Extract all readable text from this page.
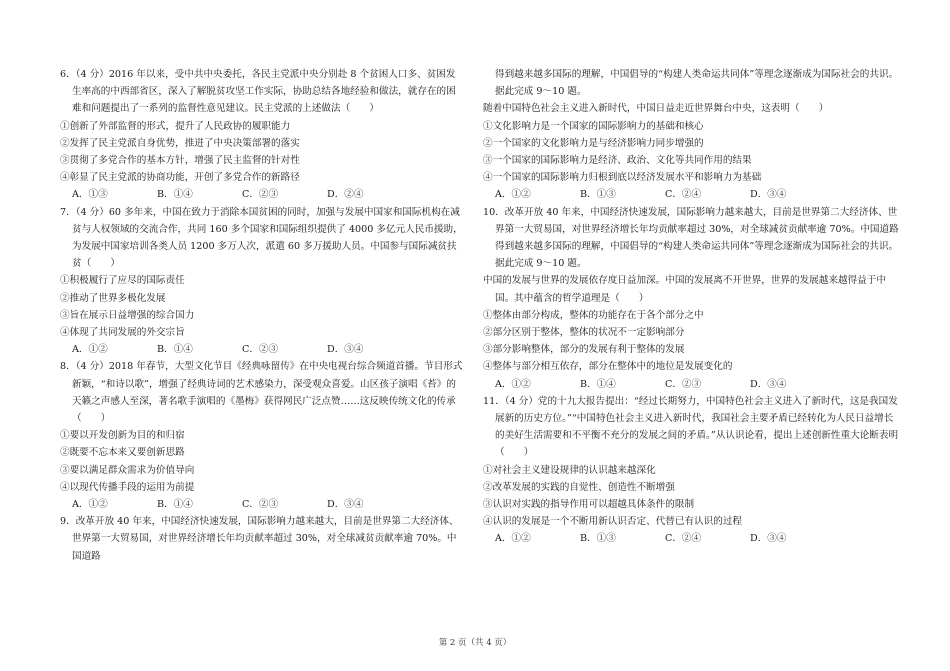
6．（4 分）2016 年以来，受中共中央委托，各民主党派中央分别赴 8 个贫困人口多、贫困发生率高的中西部省区，深入了解脱贫攻坚工作实际，协助总结各地经验和做法，就存在的困难和问题提出了一系列的监督性意见建议。民主党派的上述做法（　　）

①创新了外部监督的形式，提升了人民政协的履职能力

②发挥了民主党派自身优势，推进了中央决策部署的落实

③贯彻了多党合作的基本方针，增强了民主监督的针对性

④彰显了民主党派的协商功能，开创了多党合作的新路径

A．①③	B．①④	C．②③	D．②④

7．（4 分）60 多年来，中国在致力于消除本国贫困的同时，加强与发展中国家和国际机构在减贫与人权领域的交流合作，共同 160 多个国家和国际组织提供了 4000 多亿元人民币援助，为发展中国家培训各类人员 1200 多万人次，派遣 60 多万援助人员。中国参与国际减贫扶贫（　　）

①积极履行了应尽的国际责任

②推动了世界多极化发展

③旨在展示日益增强的综合国力

④体现了共同发展的外交宗旨

A．①②	B．①④	C．②③	D．③④

8．（4 分）2018 年春节，大型文化节目《经典咏留传》在中央电视台综合频道首播。节目形式新颖，“和诗以歌”，增强了经典诗词的艺术感染力，深受观众喜爱。山区孩子演唱《苔》的天籁之声感人至深，著名歌手演唱的《墨梅》获得网民广泛点赞……这反映传统文化的传承（　　）

①要以开发创新为目的和归宿

②既要不忘本来又要创新思路

③要以满足群众需求为价值导向

④以现代传播手段的运用为前提

A．①②	B．①④	C．②③	D．③④

9．改革开放 40 年来，中国经济快速发展，国际影响力越来越大，目前是世界第二大经济体、世界第一大贸易国，对世界经济增长年均贡献率超过 30%，对全球减贫贡献率逾 70%。中国道路

得到越来越多国际的理解，中国倡导的“构建人类命运共同体”等理念逐渐成为国际社会的共识。据此完成 9～10 题。

随着中国特色社会主义进入新时代，中国日益走近世界舞台中央，这表明（　　）

①文化影响力是一个国家的国际影响力的基础和核心

②一个国家的文化影响力是与经济影响力同步增强的

③一个国家的国际影响力是经济、政治、文化等共同作用的结果

④一个国家的国际影响力归根到底以经济发展水平和影响力为基础

A．①②	B．①③	C．②④	D．③④

10．改革开放 40 年来，中国经济快速发展，国际影响力越来越大，目前是世界第二大经济体、世界第一大贸易国，对世界经济增长年均贡献率超过 30%，对全球减贫贡献率逾 70%。中国道路得到越来越多国际的理解，中国倡导的“构建人类命运共同体”等理念逐渐成为国际社会的共识。据此完成 9～10 题。

中国的发展与世界的发展依存度日益加深。中国的发展离不开世界，世界的发展越来越得益于中国。其中蕴含的哲学道理是（　　）

①整体由部分构成，整体的功能存在于各个部分之中

②部分区别于整体，整体的状况不一定影响部分

③部分影响整体，部分的发展有利于整体的发展

④整体与部分相互依存，部分在整体中的地位是发展变化的

A．①②	B．①④	C．②③	D．③④

11．（4 分）党的十九大报告提出：“经过长期努力，中国特色社会主义进入了新时代，这是我国发展新的历史方位。”“中国特色社会主义进入新时代，我国社会主要矛盾已经转化为人民日益增长的美好生活需要和不平衡不充分的发展之间的矛盾。”从认识论看，提出上述创新性重大论断表明（　　）

①对社会主义建设规律的认识越来越深化

②改革发展的实践的自觉性、创造性不断增强

③认识对实践的指导作用可以超越具体条件的限制

④认识的发展是一个不断用新认识否定、代替已有认识的过程

A．①②	B．①③	C．②④	D．③④
第 2 页（共 4 页）
